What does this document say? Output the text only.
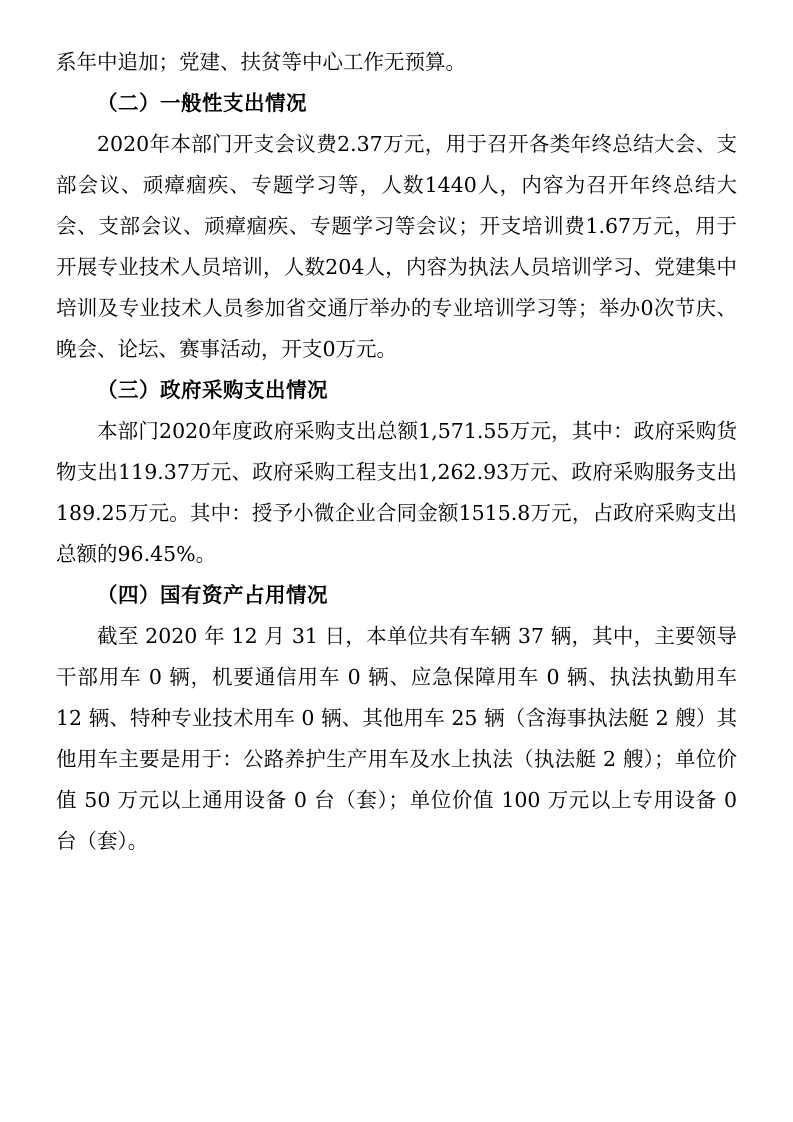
系年中追加；党建、扶贫等中心工作无预算。

（二）一般性支出情况

2020年本部门开支会议费2.37万元，用于召开各类年终总结大会、支部会议、顽瘴痼疾、专题学习等，人数1440人，内容为召开年终总结大会、支部会议、顽瘴痼疾、专题学习等会议；开支培训费1.67万元，用于开展专业技术人员培训，人数204人，内容为执法人员培训学习、党建集中培训及专业技术人员参加省交通厅举办的专业培训学习等；举办0次节庆、晚会、论坛、赛事活动，开支0万元。

（三）政府采购支出情况

本部门2020年度政府采购支出总额1,571.55万元，其中：政府采购货物支出119.37万元、政府采购工程支出1,262.93万元、政府采购服务支出189.25万元。其中：授予小微企业合同金额1515.8万元，占政府采购支出总额的96.45%。

（四）国有资产占用情况

截至 2020 年 12 月 31 日，本单位共有车辆 37 辆，其中，主要领导干部用车 0 辆，机要通信用车 0 辆、应急保障用车 0 辆、执法执勤用车 12 辆、特种专业技术用车 0 辆、其他用车 25 辆（含海事执法艇 2 艘）其他用车主要是用于：公路养护生产用车及水上执法（执法艇 2 艘）；单位价值 50 万元以上通用设备 0 台（套）；单位价值 100 万元以上专用设备 0 台（套）。
